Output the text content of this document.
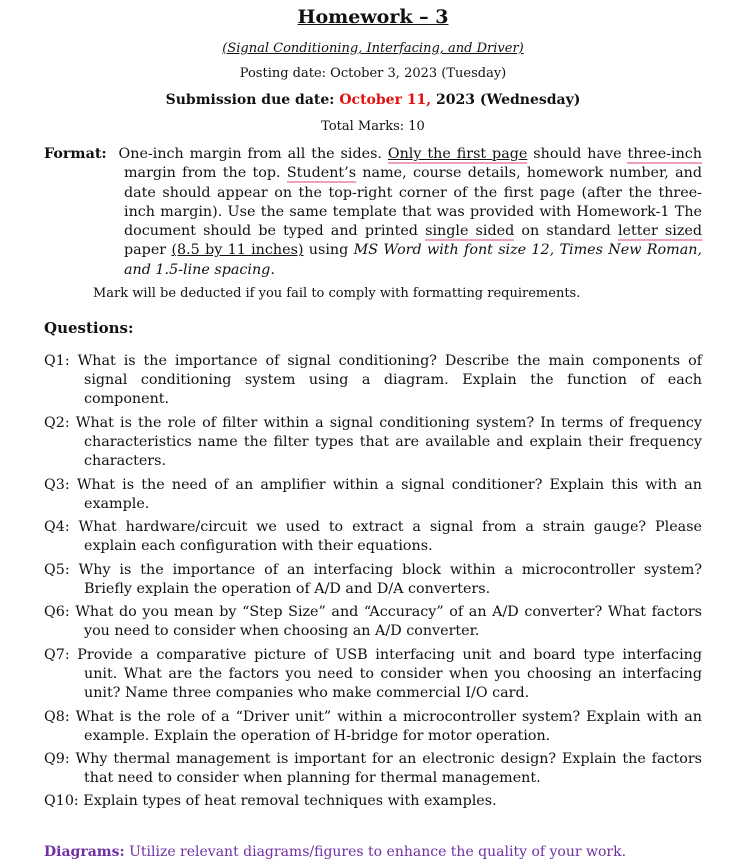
Homework – 3
(Signal Conditioning, Interfacing, and Driver)
Posting date: October 3, 2023 (Tuesday)
Submission due date: October 11, 2023 (Wednesday)
Total Marks: 10
Format: One-inch margin from all the sides. Only the first page should have three-inch margin from the top. Student’s name, course details, homework number, and date should appear on the top-right corner of the first page (after the three-inch margin). Use the same template that was provided with Homework-1 The document should be typed and printed single sided on standard letter sized paper (8.5 by 11 inches) using MS Word with font size 12, Times New Roman, and 1.5-line spacing.
Mark will be deducted if you fail to comply with formatting requirements.
Questions:
Q1: What is the importance of signal conditioning? Describe the main components of signal conditioning system using a diagram. Explain the function of each component.
Q2: What is the role of filter within a signal conditioning system? In terms of frequency characteristics name the filter types that are available and explain their frequency characters.
Q3: What is the need of an amplifier within a signal conditioner? Explain this with an example.
Q4: What hardware/circuit we used to extract a signal from a strain gauge? Please explain each configuration with their equations.
Q5: Why is the importance of an interfacing block within a microcontroller system? Briefly explain the operation of A/D and D/A converters.
Q6: What do you mean by “Step Size” and “Accuracy” of an A/D converter? What factors you need to consider when choosing an A/D converter.
Q7: Provide a comparative picture of USB interfacing unit and board type interfacing unit. What are the factors you need to consider when you choosing an interfacing unit? Name three companies who make commercial I/O card.
Q8: What is the role of a “Driver unit” within a microcontroller system? Explain with an example. Explain the operation of H-bridge for motor operation.
Q9: Why thermal management is important for an electronic design? Explain the factors that need to consider when planning for thermal management.
Q10: Explain types of heat removal techniques with examples.
Diagrams: Utilize relevant diagrams/figures to enhance the quality of your work.
